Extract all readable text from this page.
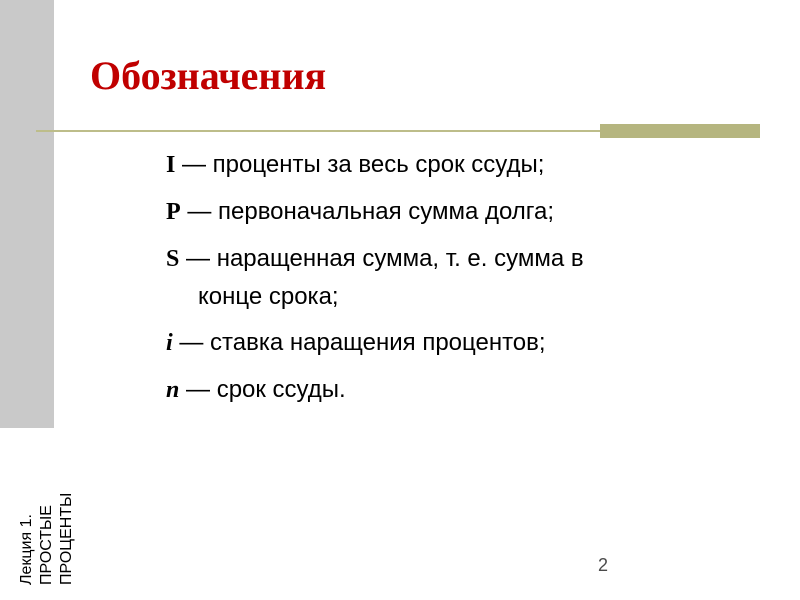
Обозначения
I — проценты за весь срок ссуды;
P — первоначальная сумма долга;
S — наращенная сумма, т. е. сумма в
конце срока;
i — ставка наращения процентов;
n — срок ссуды.
Лекция 1. ПРОСТЫЕ ПРОЦЕНТЫ	2
